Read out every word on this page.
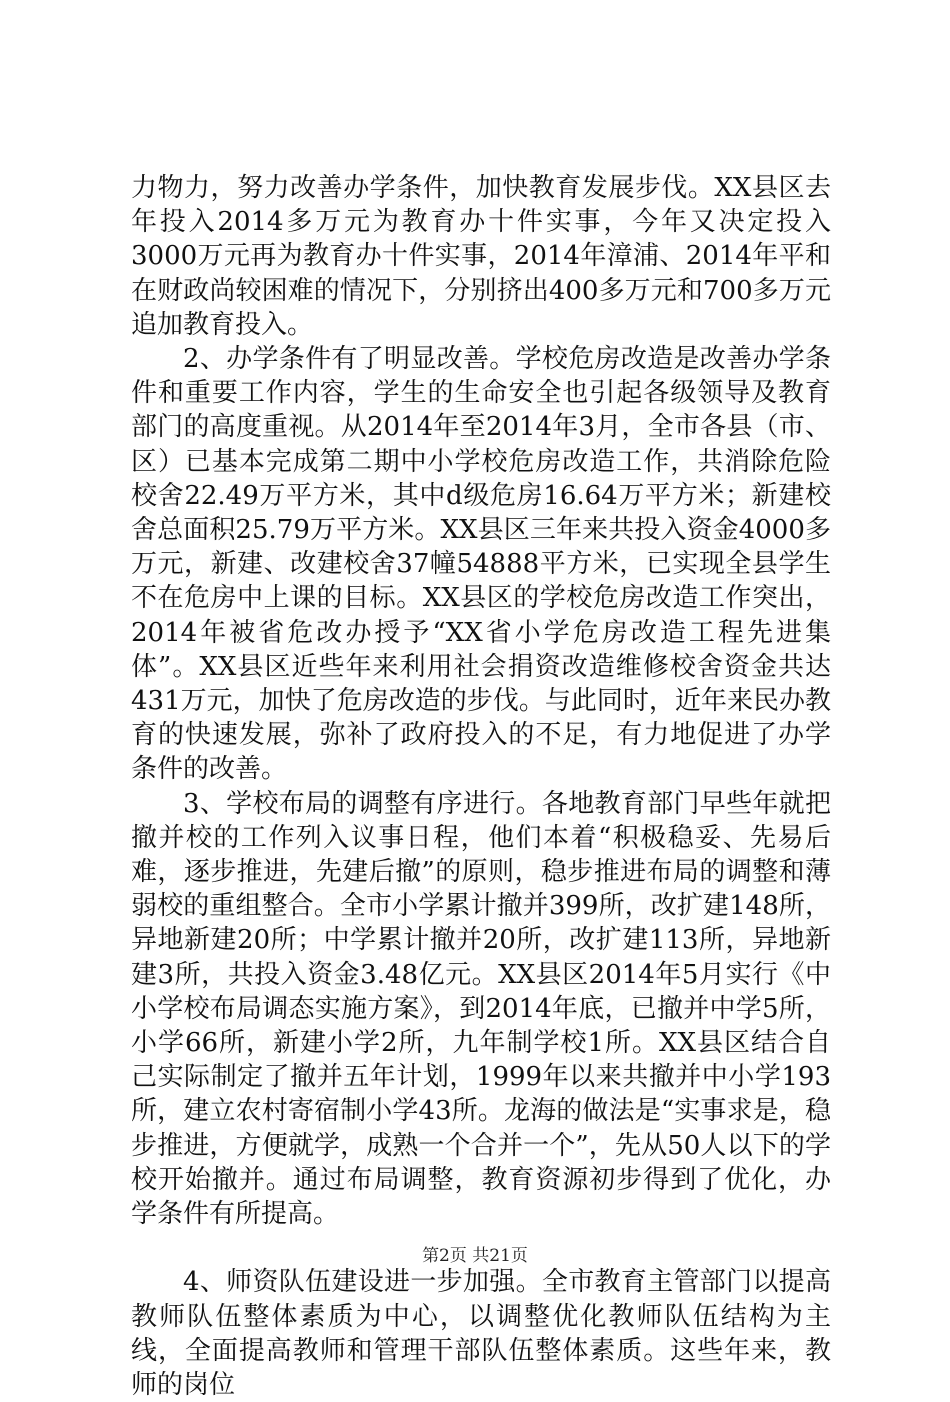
力物力，努力改善办学条件，加快教育发展步伐。XX县区去年投入2014多万元为教育办十件实事，今年又决定投入3000万元再为教育办十件实事，2014年漳浦、2014年平和在财政尚较困难的情况下，分别挤出400多万元和700多万元追加教育投入。

2、办学条件有了明显改善。学校危房改造是改善办学条件和重要工作内容，学生的生命安全也引起各级领导及教育部门的高度重视。从2014年至2014年3月，全市各县（市、区）已基本完成第二期中小学校危房改造工作，共消除危险校舍22.49万平方米，其中d级危房16.64万平方米；新建校舍总面积25.79万平方米。XX县区三年来共投入资金4000多万元，新建、改建校舍37幢54888平方米，已实现全县学生不在危房中上课的目标。XX县区的学校危房改造工作突出，2014年被省危改办授予“XX省小学危房改造工程先进集体”。XX县区近些年来利用社会捐资改造维修校舍资金共达431万元，加快了危房改造的步伐。与此同时，近年来民办教育的快速发展，弥补了政府投入的不足，有力地促进了办学条件的改善。

3、学校布局的调整有序进行。各地教育部门早些年就把撤并校的工作列入议事日程，他们本着“积极稳妥、先易后难，逐步推进，先建后撤”的原则，稳步推进布局的调整和薄弱校的重组整合。全市小学累计撤并399所，改扩建148所，异地新建20所；中学累计撤并20所，改扩建113所，异地新建3所，共投入资金3.48亿元。XX县区2014年5月实行《中小学校布局调态实施方案》，到2014年底，已撤并中学5所，小学66所，新建小学2所，九年制学校1所。XX县区结合自己实际制定了撤并五年计划，1999年以来共撤并中小学193所，建立农村寄宿制小学43所。龙海的做法是“实事求是，稳步推进，方便就学，成熟一个合并一个”，先从50人以下的学校开始撤并。通过布局调整，教育资源初步得到了优化，办学条件有所提高。

4、师资队伍建设进一步加强。全市教育主管部门以提高教师队伍整体素质为中心，以调整优化教师队伍结构为主线，全面提高教师和管理干部队伍整体素质。这些年来，教师的岗位

第2页 共21页
